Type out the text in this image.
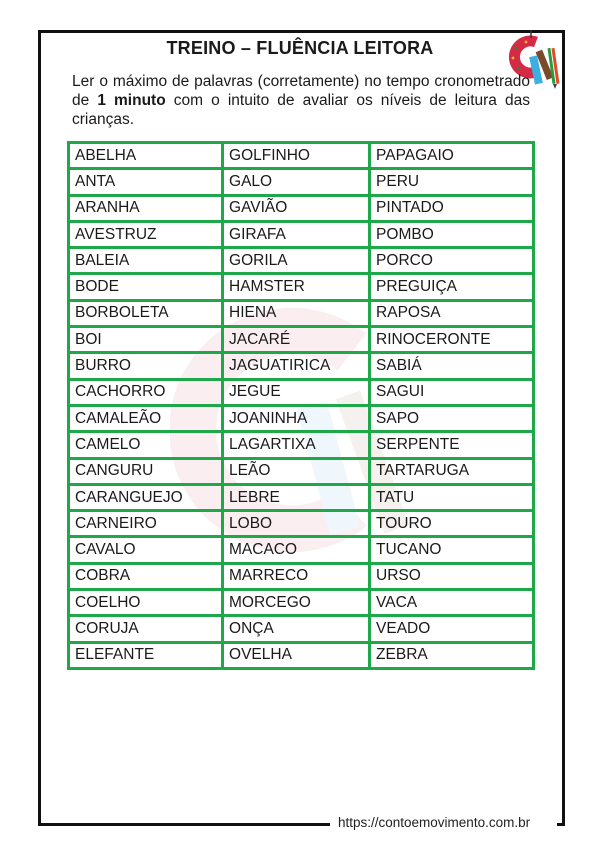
TREINO – FLUÊNCIA LEITORA
Ler o máximo de palavras (corretamente) no tempo cronometrado de 1 minuto com o intuito de avaliar os níveis de leitura das crianças.
ABELHA	GOLFINHO	PAPAGAIO
ANTA	GALO	PERU
ARANHA	GAVIÃO	PINTADO
AVESTRUZ	GIRAFA	POMBO
BALEIA	GORILA	PORCO
BODE	HAMSTER	PREGUIÇA
BORBOLETA	HIENA	RAPOSA
BOI	JACARÉ	RINOCERONTE
BURRO	JAGUATIRICA	SABIÁ
CACHORRO	JEGUE	SAGUI
CAMALEÃO	JOANINHA	SAPO
CAMELO	LAGARTIXA	SERPENTE
CANGURU	LEÃO	TARTARUGA
CARANGUEJO	LEBRE	TATU
CARNEIRO	LOBO	TOURO
CAVALO	MACACO	TUCANO
COBRA	MARRECO	URSO
COELHO	MORCEGO	VACA
CORUJA	ONÇA	VEADO
ELEFANTE	OVELHA	ZEBRA
https://contoemovimento.com.br
